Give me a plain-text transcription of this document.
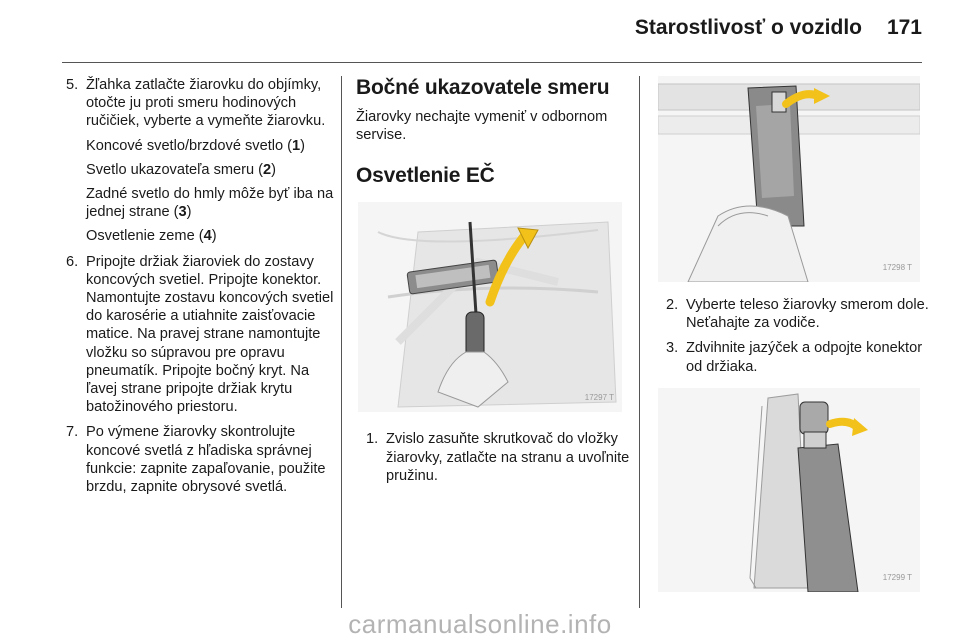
Starostlivosť o vozidlo 171
5. Žľahka zatlačte žiarovku do objímky, otočte ju proti smeru hodinových ručičiek, vyberte a vymeňte žiarovku.
Koncové svetlo/brzdové svetlo (1)
Svetlo ukazovateľa smeru (2)
Zadné svetlo do hmly môže byť iba na jednej strane (3)
Osvetlenie zeme (4)
6. Pripojte držiak žiaroviek do zostavy koncových svetiel. Pripojte konektor. Namontujte zostavu koncových svetiel do karosérie a utiahnite zaisťovacie matice. Na pravej strane namontujte vložku so súpravou pre opravu pneumatík. Pripojte bočný kryt. Na ľavej strane pripojte držiak krytu batožinového priestoru.
7. Po výmene žiarovky skontrolujte koncové svetlá z hľadiska správnej funkcie: zapnite zapaľovanie, použite brzdu, zapnite obrysové svetlá.
Bočné ukazovatele smeru
Žiarovky nechajte vymeniť v odbornom servise.
Osvetlenie EČ
17297 T
1. Zvislo zasuňte skrutkovač do vložky žiarovky, zatlačte na stranu a uvoľnite pružinu.
17298 T
2. Vyberte teleso žiarovky smerom dole. Neťahajte za vodiče.
3. Zdvihnite jazýček a odpojte konektor od držiaka.
17299 T
carmanualsonline.info
